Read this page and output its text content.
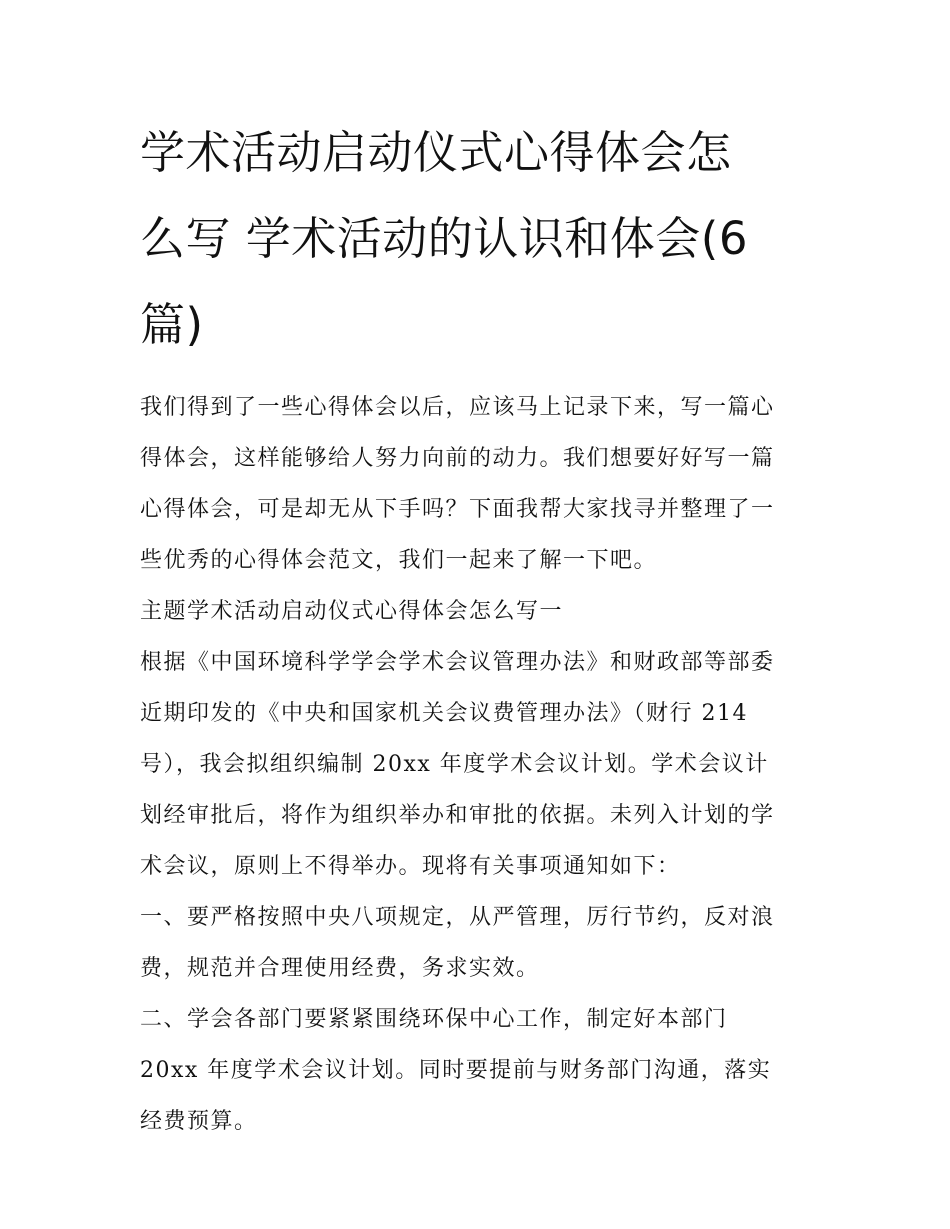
学术活动启动仪式心得体会怎
么写 学术活动的认识和体会(6
篇)

我们得到了一些心得体会以后，应该马上记录下来，写一篇心
得体会，这样能够给人努力向前的动力。我们想要好好写一篇
心得体会，可是却无从下手吗？下面我帮大家找寻并整理了一
些优秀的心得体会范文，我们一起来了解一下吧。

主题学术活动启动仪式心得体会怎么写一

根据《中国环境科学学会学术会议管理办法》和财政部等部委
近期印发的《中央和国家机关会议费管理办法》（财行 214
号），我会拟组织编制 20xx 年度学术会议计划。学术会议计
划经审批后，将作为组织举办和审批的依据。未列入计划的学
术会议，原则上不得举办。现将有关事项通知如下：

一、要严格按照中央八项规定，从严管理，厉行节约，反对浪
费，规范并合理使用经费，务求实效。

二、学会各部门要紧紧围绕环保中心工作，制定好本部门
20xx 年度学术会议计划。同时要提前与财务部门沟通，落实
经费预算。
